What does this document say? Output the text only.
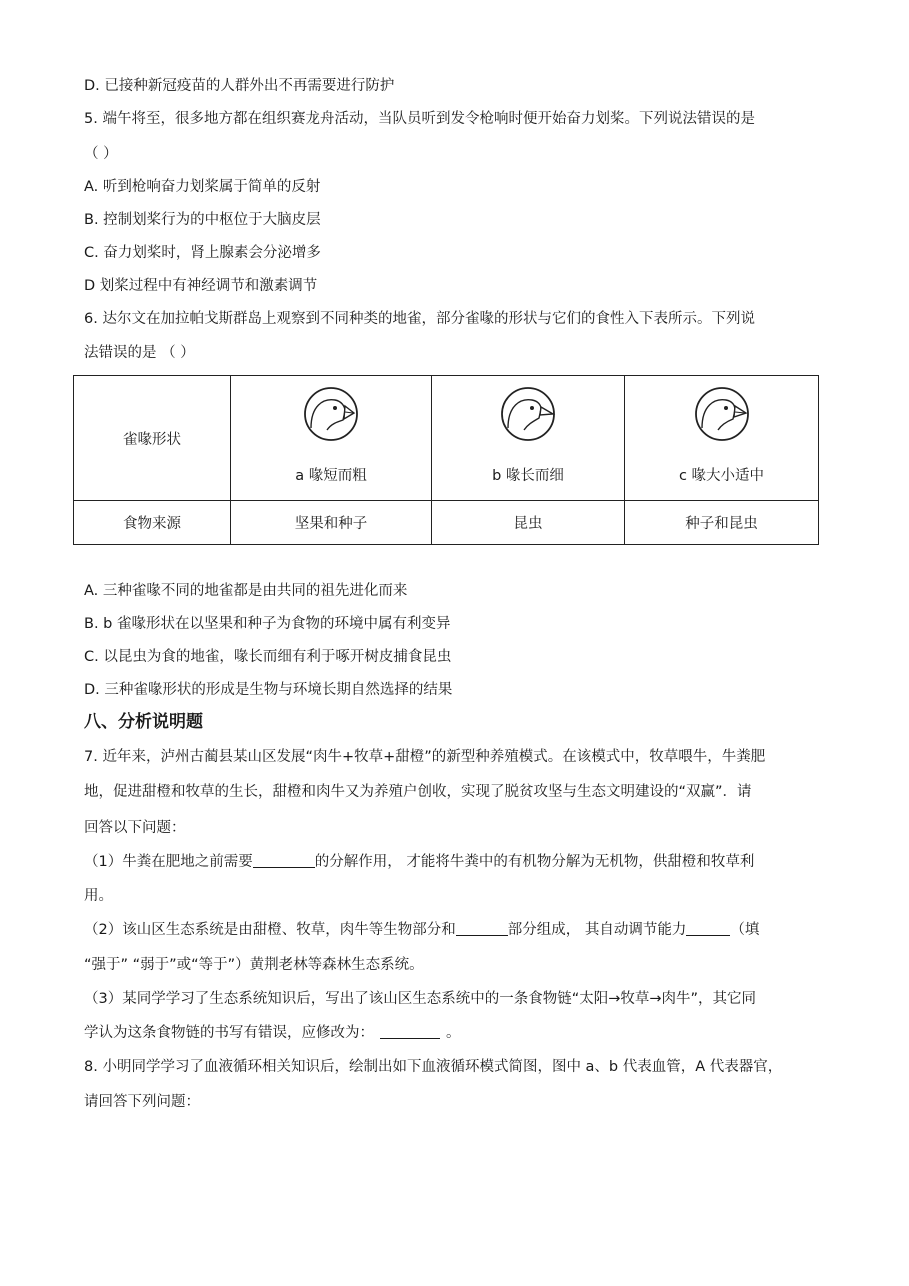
D. 已接种新冠疫苗的人群外出不再需要进行防护
5. 端午将至，很多地方都在组织赛龙舟活动，当队员听到发令枪响时便开始奋力划桨。下列说法错误的是
（ ）
A. 听到枪响奋力划桨属于简单的反射
B. 控制划桨行为的中枢位于大脑皮层
C. 奋力划桨时，肾上腺素会分泌增多
D 划桨过程中有神经调节和激素调节
6. 达尔文在加拉帕戈斯群岛上观察到不同种类的地雀，部分雀喙的形状与它们的食性入下表所示。下列说
法错误的是 （ ）
雀喙形状	a 喙短而粗	b 喙长而细	c 喙大小适中

食物来源	坚果和种子	昆虫	种子和昆虫
A. 三种雀喙不同的地雀都是由共同的祖先进化而来
B. b 雀喙形状在以坚果和种子为食物的环境中属有利变异
C. 以昆虫为食的地雀，喙长而细有利于啄开树皮捕食昆虫
D. 三种雀喙形状的形成是生物与环境长期自然选择的结果
八、分析说明题
7. 近年来，泸州古蔺县某山区发展“肉牛+牧草+甜橙”的新型种养殖模式。在该模式中，牧草喂牛，牛粪肥
地，促进甜橙和牧草的生长，甜橙和肉牛又为养殖户创收，实现了脱贫攻坚与生态文明建设的“双赢”．请
回答以下问题：
（1）牛粪在肥地之前需要	的分解作用， 才能将牛粪中的有机物分解为无机物，供甜橙和牧草利
用。
（2）该山区生态系统是由甜橙、牧草，肉牛等生物部分和	部分组成， 其自动调节能力	（填
“强于” “弱于”或“等于”）黄荆老林等森林生态系统。
（3）某同学学习了生态系统知识后，写出了该山区生态系统中的一条食物链“太阳→牧草→肉牛”，其它同
学认为这条食物链的书写有错误，应修改为：	。
8. 小明同学学习了血液循环相关知识后，绘制出如下血液循环模式简图，图中 a、b 代表血管，A 代表器官，
请回答下列问题：
